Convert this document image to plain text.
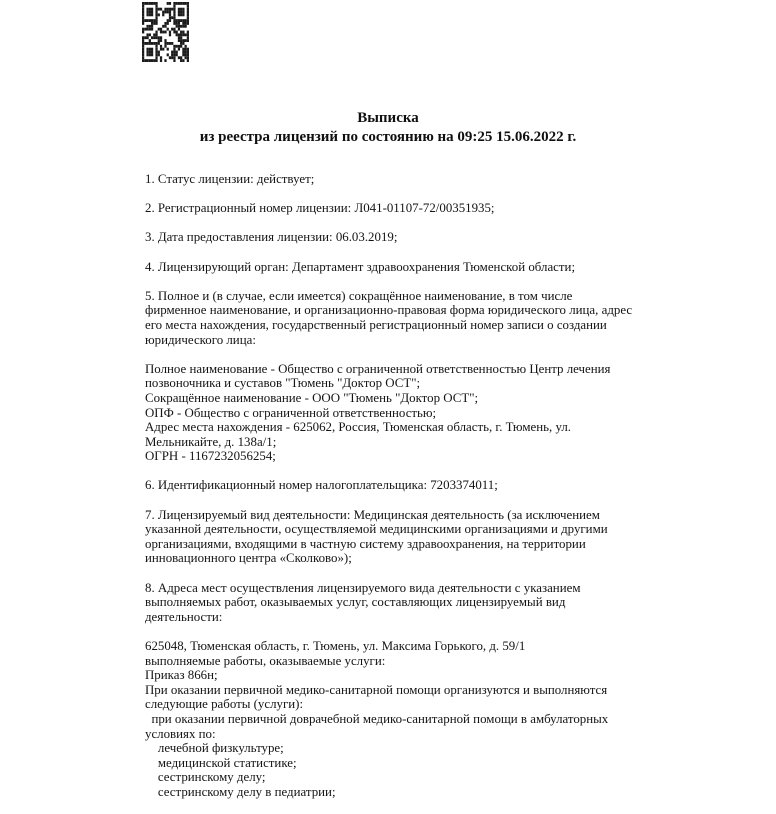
Выписка
из реестра лицензий по состоянию на 09:25 15.06.2022 г.
1. Статус лицензии: действует;
2. Регистрационный номер лицензии: Л041-01107-72/00351935;
3. Дата предоставления лицензии: 06.03.2019;
4. Лицензирующий орган: Департамент здравоохранения Тюменской области;
5. Полное и (в случае, если имеется) сокращённое наименование, в том числе фирменное наименование, и организационно-правовая форма юридического лица, адрес его места нахождения, государственный регистрационный номер записи о создании юридического лица:
Полное наименование - Общество с ограниченной ответственностью Центр лечения позвоночника и суставов "Тюмень "Доктор ОСТ";
Сокращённое наименование - ООО "Тюмень "Доктор ОСТ";
ОПФ - Общество с ограниченной ответственностью;
Адрес места нахождения - 625062, Россия, Тюменская область, г. Тюмень, ул. Мельникайте, д. 138а/1;
ОГРН - 1167232056254;
6. Идентификационный номер налогоплательщика: 7203374011;
7. Лицензируемый вид деятельности: Медицинская деятельность (за исключением указанной деятельности, осуществляемой медицинскими организациями и другими организациями, входящими в частную систему здравоохранения, на территории инновационного центра «Сколково»);
8. Адреса мест осуществления лицензируемого вида деятельности с указанием выполняемых работ, оказываемых услуг, составляющих лицензируемый вид деятельности:
625048, Тюменская область, г. Тюмень, ул. Максима Горького, д. 59/1
выполняемые работы, оказываемые услуги:
Приказ 866н;
При оказании первичной медико-санитарной помощи организуются и выполняются следующие работы (услуги):
при оказании первичной доврачебной медико-санитарной помощи в амбулаторных условиях по:
лечебной физкультуре;
медицинской статистике;
сестринскому делу;
сестринскому делу в педиатрии;
